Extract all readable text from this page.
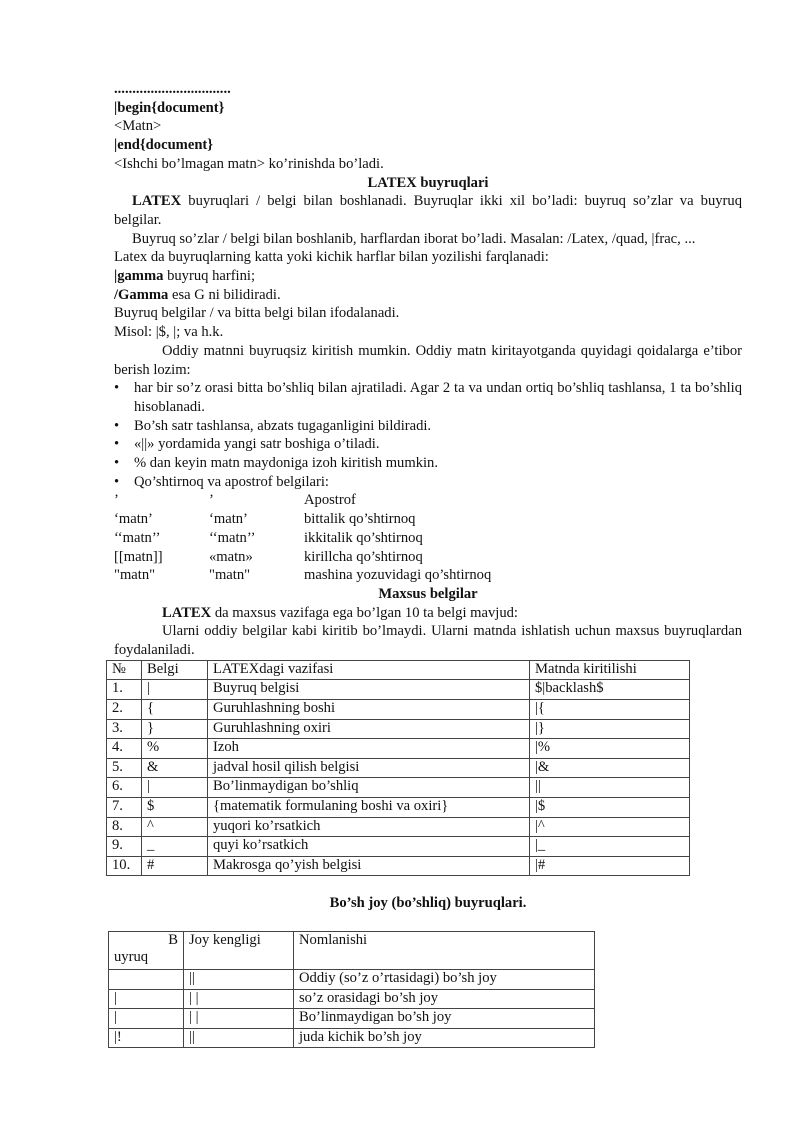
................................

|begin{document}

<Matn>

|end{document}

<Ishchi bo’lmagan matn> ko’rinishda bo’ladi.

LATEX buyruqlari

LATEX buyruqlari / belgi bilan boshlanadi. Buyruqlar ikki xil bo’ladi: buyruq so’zlar va buyruq belgilar.

Buyruq so’zlar / belgi bilan boshlanib, harflardan iborat bo’ladi. Masalan: /Latex, /quad, |frac, ...

Latex da buyruqlarning katta yoki kichik harflar bilan yozilishi farqlanadi:

|gamma buyruq harfini;

/Gamma esa G ni bilidiradi.

Buyruq belgilar / va bitta belgi bilan ifodalanadi.

Misol: |$, |; va h.k.

Oddiy matnni buyruqsiz kiritish mumkin. Oddiy matn kiritayotganda quyidagi qoidalarga e’tibor berish lozim:

• har bir so’z orasi bitta bo’shliq bilan ajratiladi. Agar 2 ta va undan ortiq bo’shliq tashlansa, 1 ta bo’shliq hisoblanadi.
• Bo’sh satr tashlansa, abzats tugaganligini bildiradi.
• «||» yordamida yangi satr boshiga o’tiladi.
• % dan keyin matn maydoniga izoh kiritish mumkin.
• Qo’shtirnoq va apostrof belgilari:
’	’	Apostrof
‘matn’	‘matn’	bittalik qo’shtirnoq
‘‘matn’’	‘‘matn’’	ikkitalik qo’shtirnoq
[[matn]]	«matn»	kirillcha qo’shtirnoq
"matn"	"matn"	mashina yozuvidagi qo’shtirnoq

Maxsus belgilar

LATEX da maxsus vazifaga ega bo’lgan 10 ta belgi mavjud:

Ularni oddiy belgilar kabi kiritib bo’lmaydi. Ularni matnda ishlatish uchun maxsus buyruqlardan foydalaniladi.

№	Belgi	LATEXdagi vazifasi	Matnda kiritilishi
1.	|	Buyruq belgisi	$|backlash$
2.	{	Guruhlashning boshi	|{
3.	}	Guruhlashning oxiri	|}
4.	%	Izoh	|%
5.	&	jadval hosil qilish belgisi	|&
6.	|	Bo’linmaydigan bo’shliq	||
7.	$	{matematik formulaning boshi va oxiri}	|$
8.	^	yuqori ko’rsatkich	|^
9.	_	quyi ko’rsatkich	|_
10.	#	Makrosga qo’yish belgisi	|#

Bo’sh joy (bo’shliq) buyruqlari.

B
uyruq	Joy kengligi	Nomlanishi
	||	Oddiy (so’z o’rtasidagi) bo’sh joy
|	| |	so’z orasidagi bo’sh joy
|	| |	Bo’linmaydigan bo’sh joy
|!	||	juda kichik bo’sh joy
